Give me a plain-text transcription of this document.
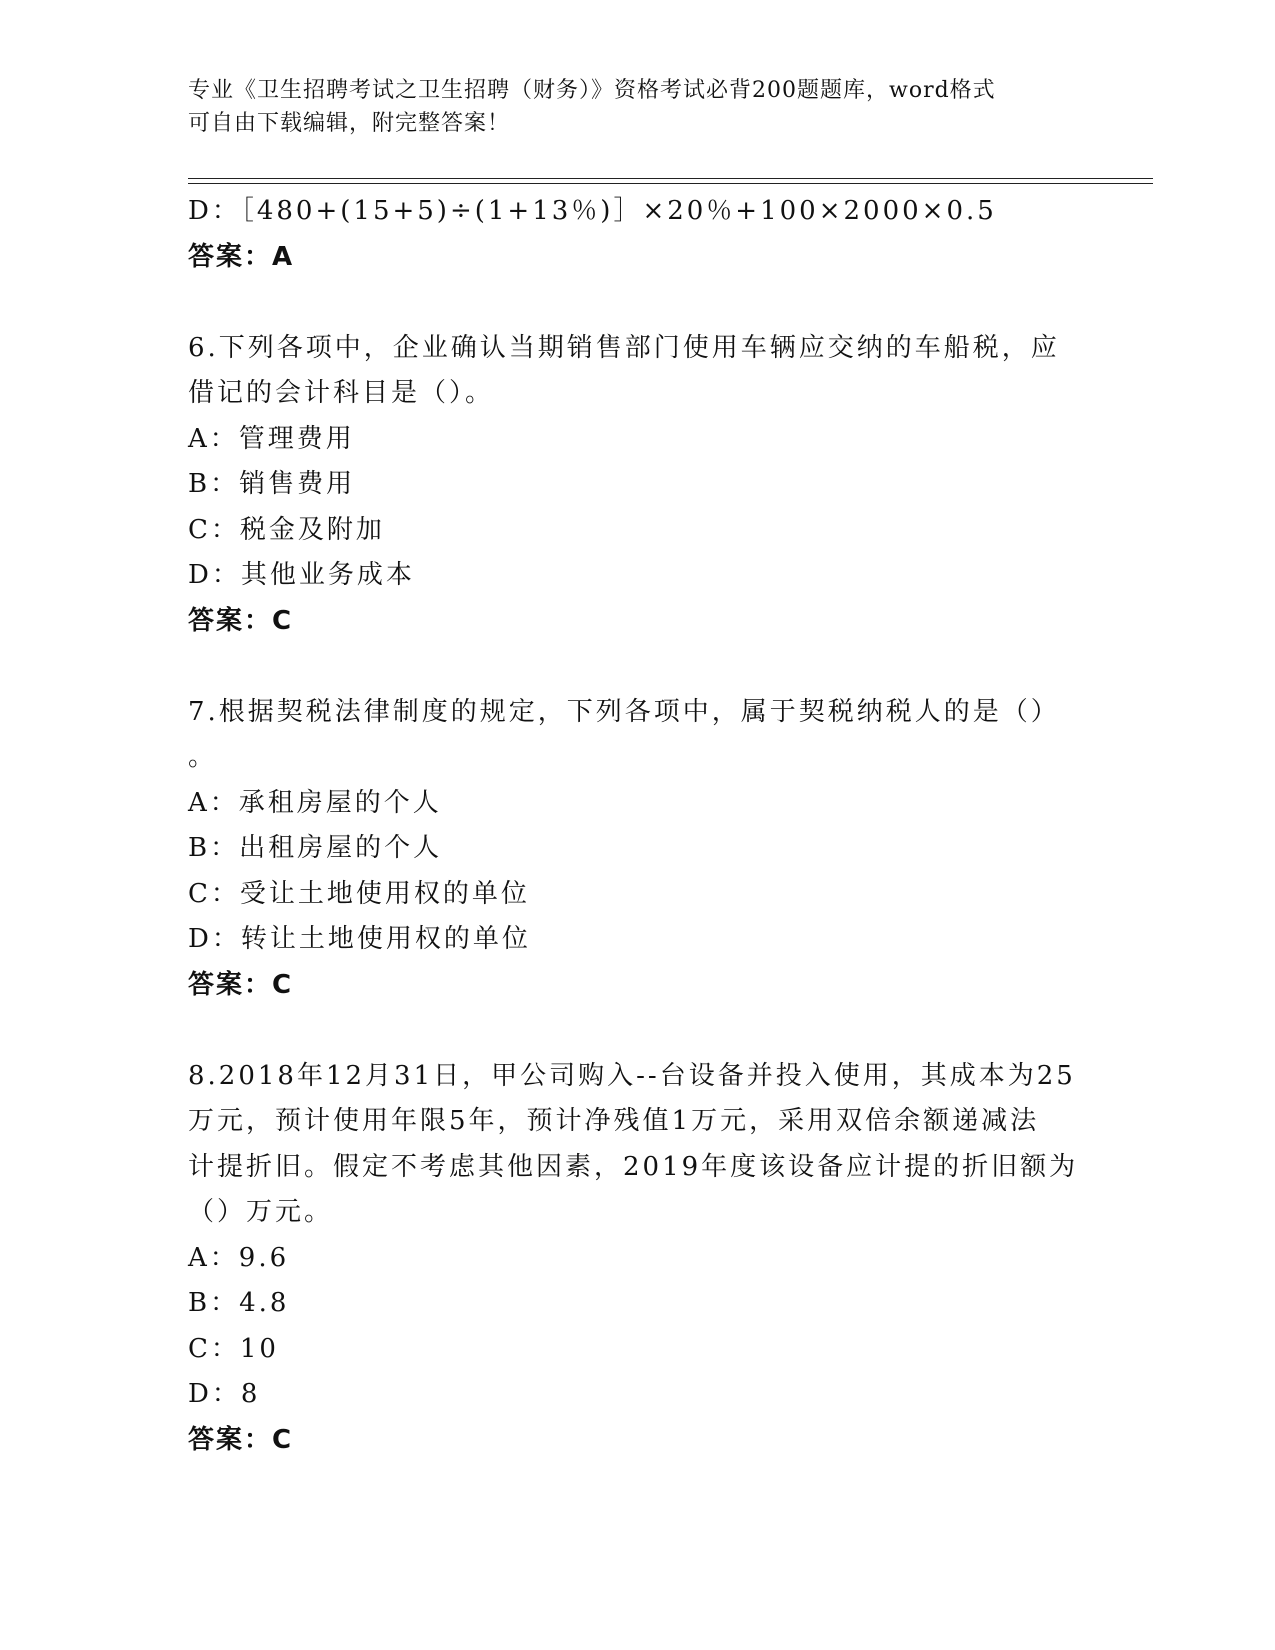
专业《卫生招聘考试之卫生招聘（财务）》资格考试必背200题题库，word格式
可自由下载编辑，附完整答案！
D：［480+(15+5)÷(1+13％)］×20％+100×2000×0.5
答案：A
6.下列各项中，企业确认当期销售部门使用车辆应交纳的车船税，应
借记的会计科目是（）。
A：管理费用
B：销售费用
C：税金及附加
D：其他业务成本
答案：C
7.根据契税法律制度的规定，下列各项中，属于契税纳税人的是（）
。
A：承租房屋的个人
B：出租房屋的个人
C：受让土地使用权的单位
D：转让土地使用权的单位
答案：C
8.2018年12月31日，甲公司购入--台设备并投入使用，其成本为25
万元，预计使用年限5年，预计净残值1万元，采用双倍余额递减法
计提折旧。假定不考虑其他因素，2019年度该设备应计提的折旧额为
（）万元。
A：9.6
B：4.8
C：10
D：8
答案：C
